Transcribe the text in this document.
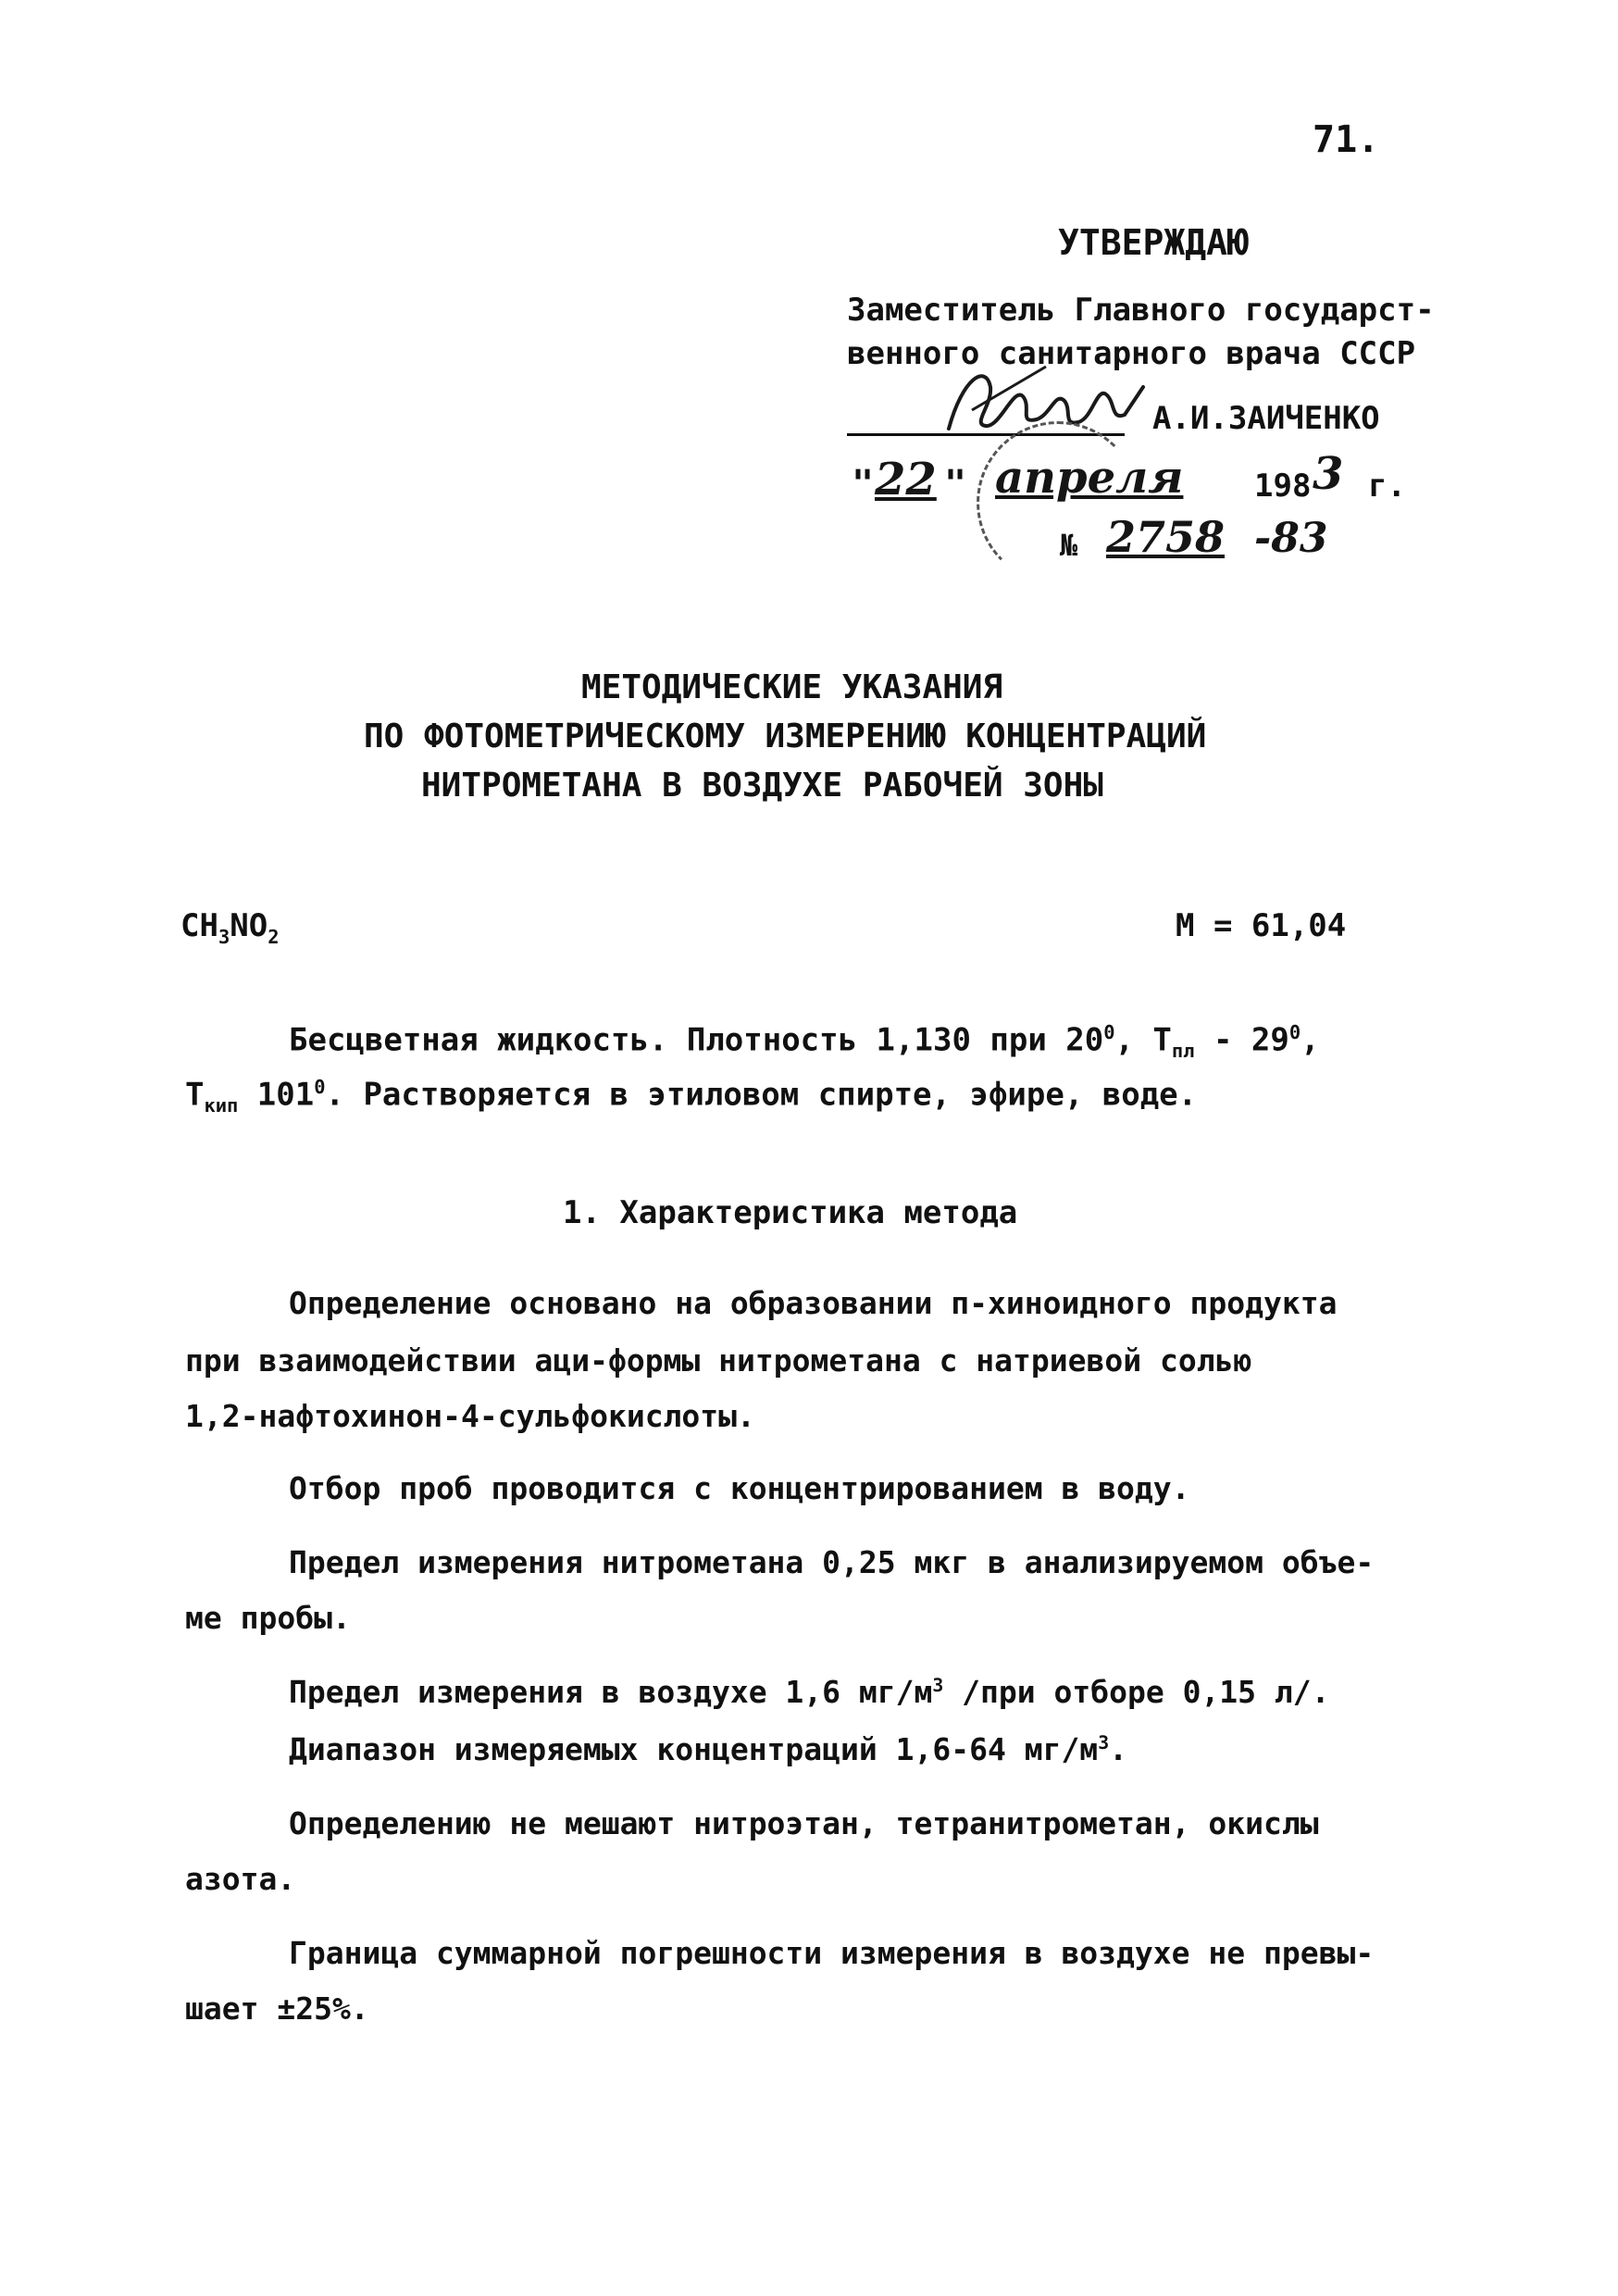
71.
УТВЕРЖДАЮ
Заместитель Главного государст-
венного санитарного врача СССР
А.И.ЗАИЧЕНКО
" 22 " апреля 198 3 г.
№ 2758 -83
МЕТОДИЧЕСКИЕ УКАЗАНИЯ
ПО ФОТОМЕТРИЧЕСКОМУ ИЗМЕРЕНИЮ КОНЦЕНТРАЦИЙ
НИТРОМЕТАНА В ВОЗДУХЕ РАБОЧЕЙ ЗОНЫ
$CH_3NO_2$	M = 61,04
Бесцветная жидкость. Плотность 1,130 при $20^0$, $Т_{пл} - 29^0$,
$Т_{кип}$ $101^0$. Растворяется в этиловом спирте, эфире, воде.
1. Характеристика метода
Определение основано на образовании п-хиноидного продукта
при взаимодействии аци-формы нитрометана с натриевой солью
1,2-нафтохинон-4-сульфокислоты.
Отбор проб проводится с концентрированием в воду.
Предел измерения нитрометана 0,25 мкг в анализируемом объе-
ме пробы.
Предел измерения в воздухе 1,6 $мг/м^3$ /при отборе 0,15 л/.
Диапазон измеряемых концентраций 1,6-64 $мг/м^3$.
Определению не мешают нитроэтан, тетранитрометан, окислы
азота.
Граница суммарной погрешности измерения в воздухе не превы-
шает ±25%.
